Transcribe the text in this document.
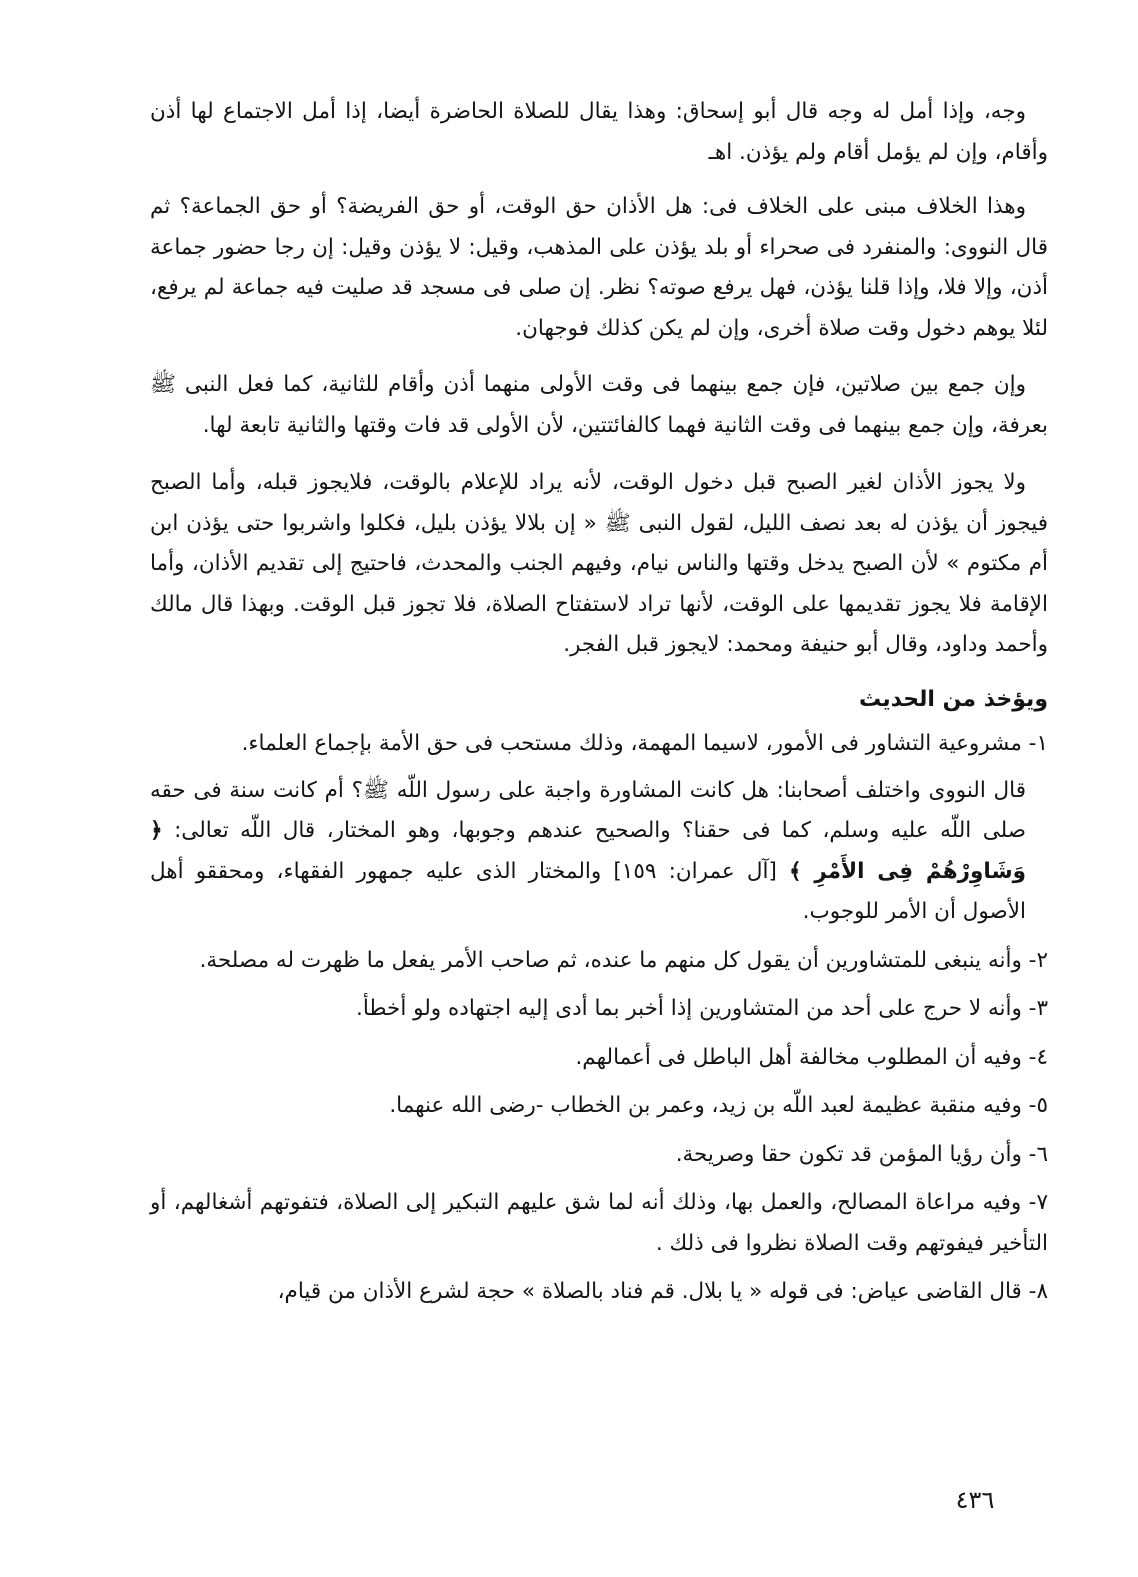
وجه، وإذا أمل له وجه قال أبو إسحاق: وهذا يقال للصلاة الحاضرة أيضا، إذا أمل الاجتماع لها أذن وأقام، وإن لم يؤمل أقام ولم يؤذن. اهـ

وهذا الخلاف مبنى على الخلاف فى: هل الأذان حق الوقت، أو حق الفريضة؟ أو حق الجماعة؟ ثم قال النووى: والمنفرد فى صحراء أو بلد يؤذن على المذهب، وقيل: لا يؤذن وقيل: إن رجا حضور جماعة أذن، وإلا فلا، وإذا قلنا يؤذن، فهل يرفع صوته؟ نظر. إن صلى فى مسجد قد صليت فيه جماعة لم يرفع، لئلا يوهم دخول وقت صلاة أخرى، وإن لم يكن كذلك فوجهان.

وإن جمع بين صلاتين، فإن جمع بينهما فى وقت الأولى منهما أذن وأقام للثانية، كما فعل النبى ﷺ بعرفة، وإن جمع بينهما فى وقت الثانية فهما كالفائتتين، لأن الأولى قد فات وقتها والثانية تابعة لها.

ولا يجوز الأذان لغير الصبح قبل دخول الوقت، لأنه يراد للإعلام بالوقت، فلايجوز قبله، وأما الصبح فيجوز أن يؤذن له بعد نصف الليل، لقول النبى ﷺ « إن بلالا يؤذن بليل، فكلوا واشربوا حتى يؤذن ابن أم مكتوم » لأن الصبح يدخل وقتها والناس نيام، وفيهم الجنب والمحدث، فاحتيج إلى تقديم الأذان، وأما الإقامة فلا يجوز تقديمها على الوقت، لأنها تراد لاستفتاح الصلاة، فلا تجوز قبل الوقت. وبهذا قال مالك وأحمد وداود، وقال أبو حنيفة ومحمد: لايجوز قبل الفجر.

ويؤخذ من الحديث

١- مشروعية التشاور فى الأمور، لاسيما المهمة، وذلك مستحب فى حق الأمة بإجماع العلماء.

قال النووى واختلف أصحابنا: هل كانت المشاورة واجبة على رسول اللّه ﷺ؟ أم كانت سنة فى حقه صلى اللّه عليه وسلم، كما فى حقنا؟ والصحيح عندهم وجوبها، وهو المختار، قال اللّه تعالى: ﴿ وَشَاوِرْهُمْ فِى الأَمْرِ ﴾ [آل عمران: ١٥٩] والمختار الذى عليه جمهور الفقهاء، ومحققو أهل الأصول أن الأمر للوجوب.

٢- وأنه ينبغى للمتشاورين أن يقول كل منهم ما عنده، ثم صاحب الأمر يفعل ما ظهرت له مصلحة.

٣- وأنه لا حرج على أحد من المتشاورين إذا أخبر بما أدى إليه اجتهاده ولو أخطأ.

٤- وفيه أن المطلوب مخالفة أهل الباطل فى أعمالهم.

٥- وفيه منقبة عظيمة لعبد اللّه بن زيد، وعمر بن الخطاب -رضى الله عنهما.

٦- وأن رؤيا المؤمن قد تكون حقا وصريحة.

٧- وفيه مراعاة المصالح، والعمل بها، وذلك أنه لما شق عليهم التبكير إلى الصلاة، فتفوتهم أشغالهم، أو التأخير فيفوتهم وقت الصلاة نظروا فى ذلك .

٨- قال القاضى عياض: فى قوله « يا بلال. قم فناد بالصلاة » حجة لشرع الأذان من قيام،

٤٣٦
